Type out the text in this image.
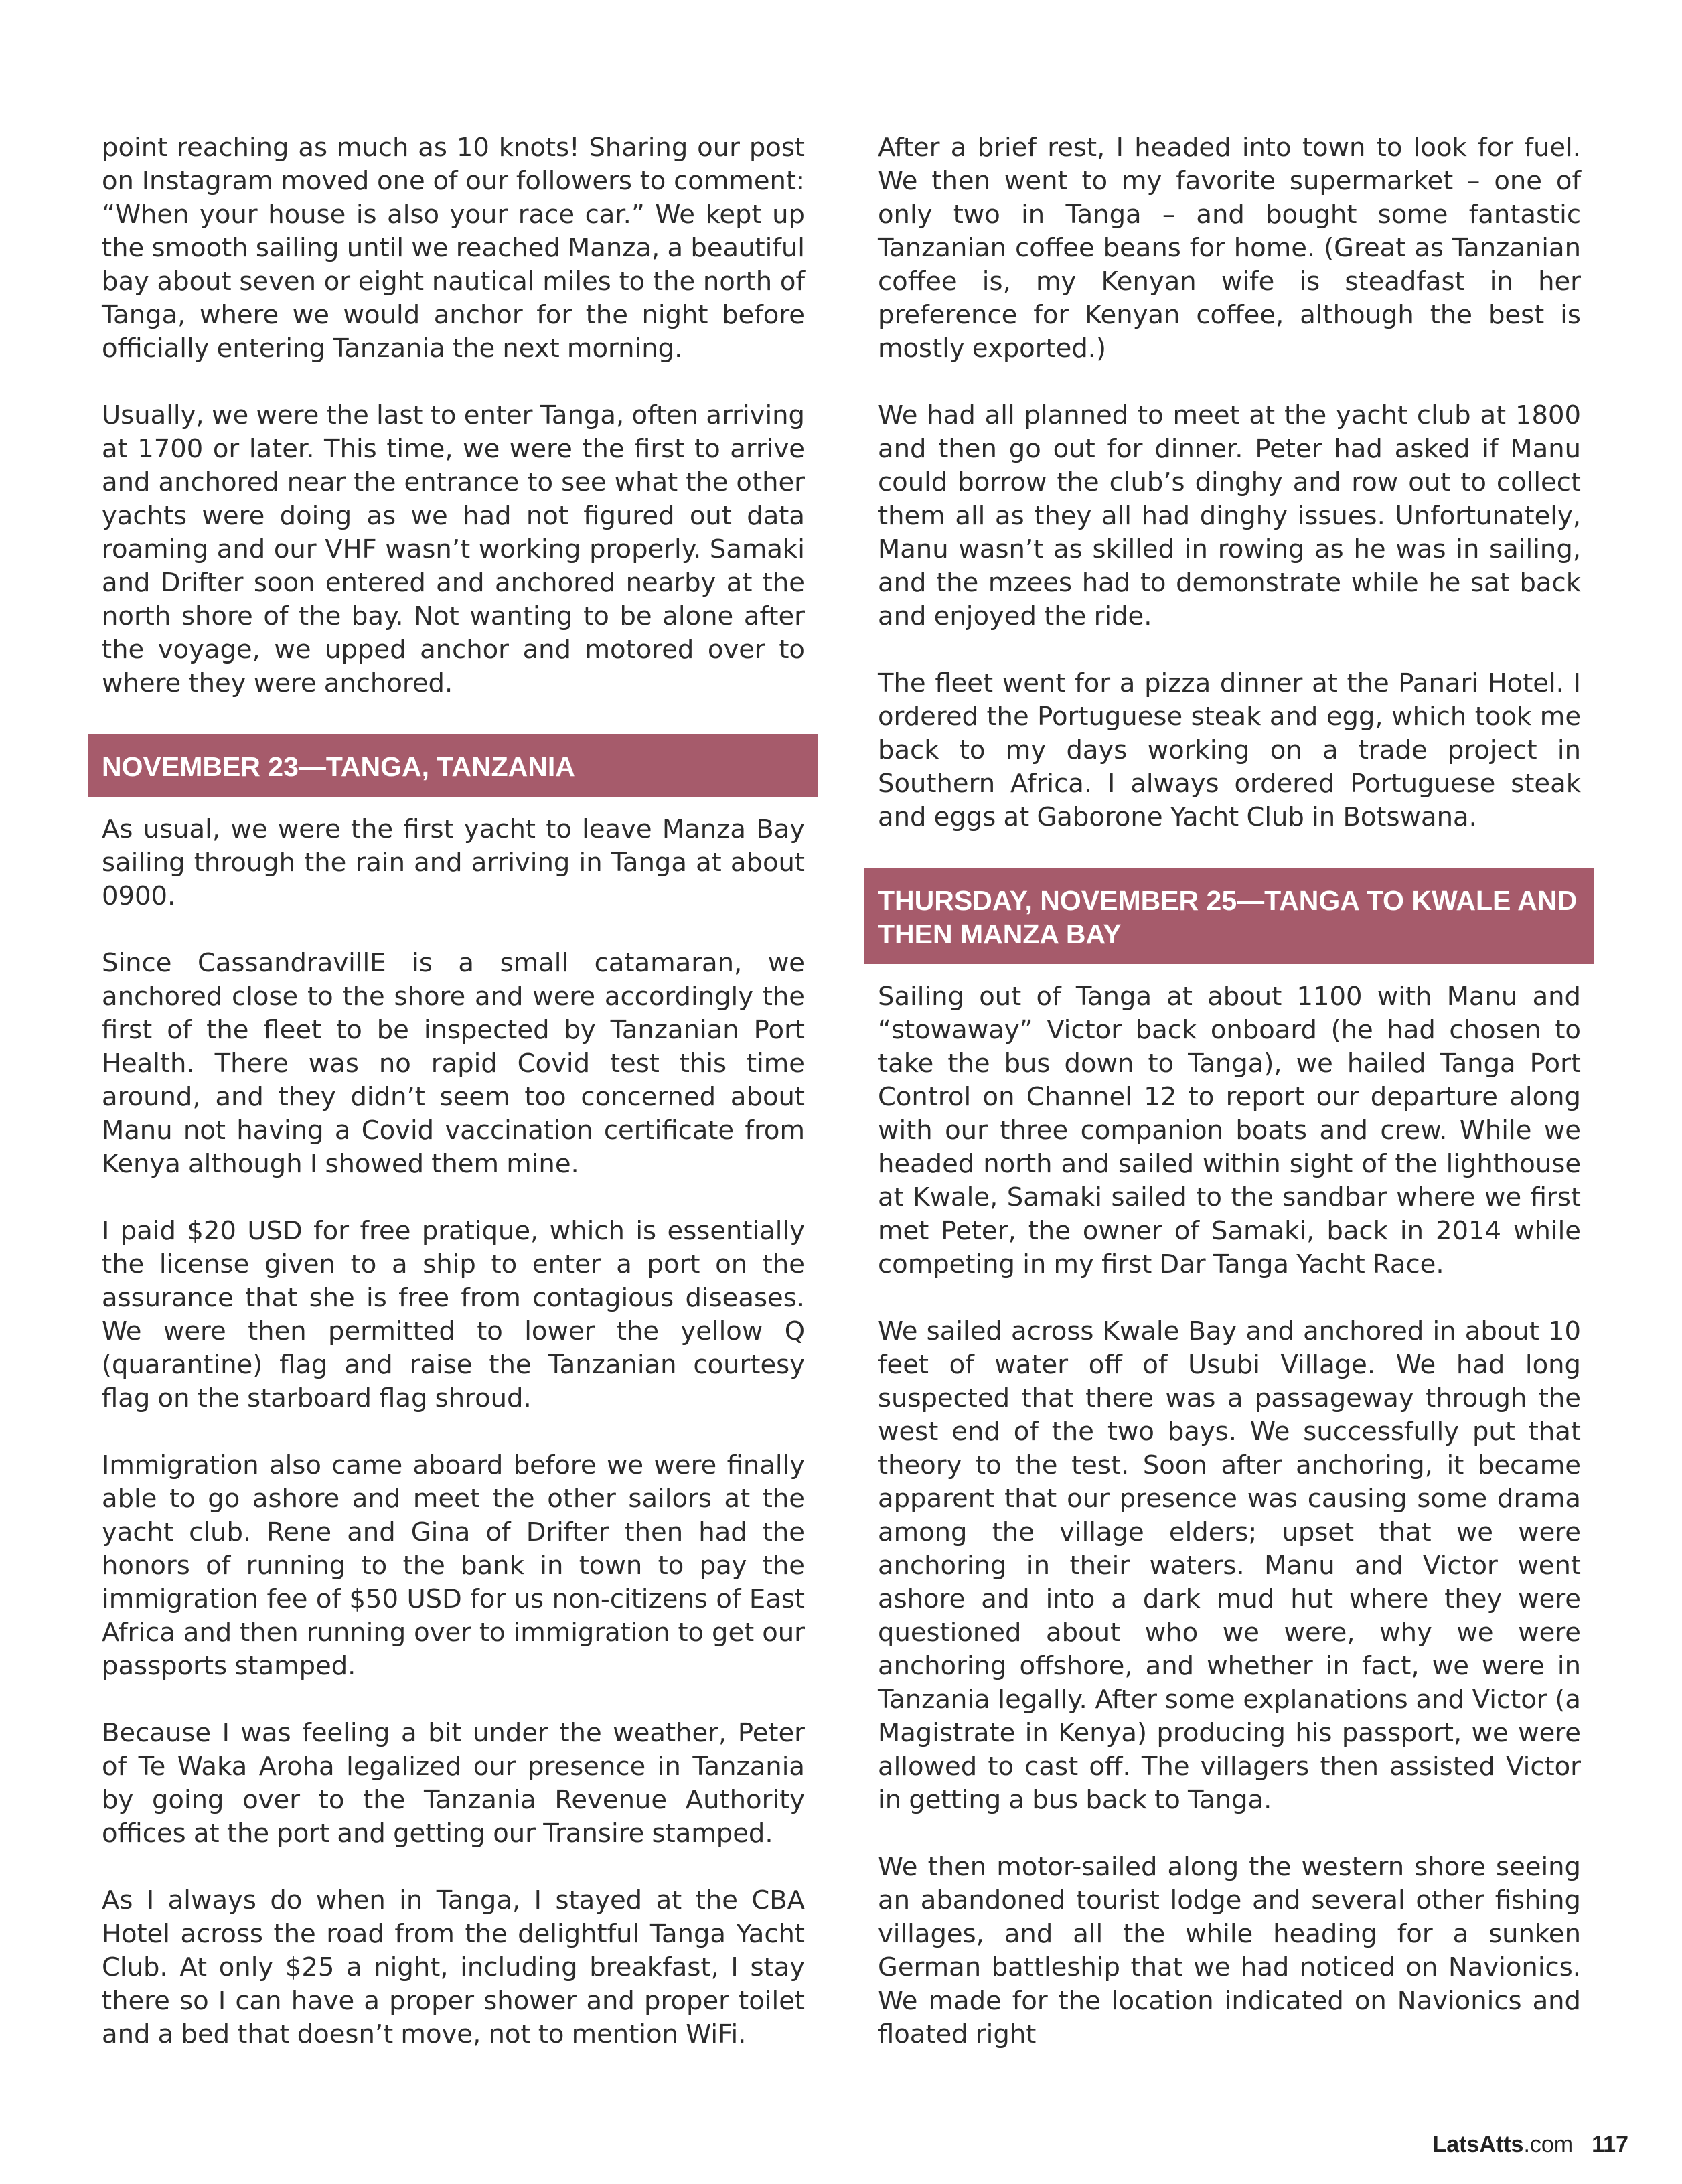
point reaching as much as 10 knots! Sharing our post on Instagram moved one of our followers to comment: “When your house is also your race car.” We kept up the smooth sailing until we reached Manza, a beautiful bay about seven or eight nautical miles to the north of Tanga, where we would anchor for the night before officially entering Tanzania the next morning.

Usually, we were the last to enter Tanga, often arriving at 1700 or later. This time, we were the first to arrive and anchored near the entrance to see what the other yachts were doing as we had not figured out data roaming and our VHF wasn’t working properly. Samaki and Drifter soon entered and anchored nearby at the north shore of the bay. Not wanting to be alone after the voyage, we upped anchor and motored over to where they were anchored.

NOVEMBER 23—TANGA, TANZANIA

As usual, we were the first yacht to leave Manza Bay sailing through the rain and arriving in Tanga at about 0900.

Since CassandravillE is a small catamaran, we anchored close to the shore and were accordingly the first of the fleet to be inspected by Tanzanian Port Health. There was no rapid Covid test this time around, and they didn’t seem too concerned about Manu not having a Covid vaccination certificate from Kenya although I showed them mine.

I paid $20 USD for free pratique, which is essentially the license given to a ship to enter a port on the assurance that she is free from contagious diseases. We were then permitted to lower the yellow Q (quarantine) flag and raise the Tanzanian courtesy flag on the starboard flag shroud.

Immigration also came aboard before we were finally able to go ashore and meet the other sailors at the yacht club. Rene and Gina of Drifter then had the honors of running to the bank in town to pay the immigration fee of $50 USD for us non-citizens of East Africa and then running over to immigration to get our passports stamped.

Because I was feeling a bit under the weather, Peter of Te Waka Aroha legalized our presence in Tanzania by going over to the Tanzania Revenue Authority offices at the port and getting our Transire stamped.

As I always do when in Tanga, I stayed at the CBA Hotel across the road from the delightful Tanga Yacht Club. At only $25 a night, including breakfast, I stay there so I can have a proper shower and proper toilet and a bed that doesn’t move, not to mention WiFi.

After a brief rest, I headed into town to look for fuel. We then went to my favorite supermarket – one of only two in Tanga – and bought some fantastic Tanzanian coffee beans for home. (Great as Tanzanian coffee is, my Kenyan wife is steadfast in her preference for Kenyan coffee, although the best is mostly exported.)

We had all planned to meet at the yacht club at 1800 and then go out for dinner. Peter had asked if Manu could borrow the club’s dinghy and row out to collect them all as they all had dinghy issues. Unfortunately, Manu wasn’t as skilled in rowing as he was in sailing, and the mzees had to demonstrate while he sat back and enjoyed the ride.

The fleet went for a pizza dinner at the Panari Hotel. I ordered the Portuguese steak and egg, which took me back to my days working on a trade project in Southern Africa. I always ordered Portuguese steak and eggs at Gaborone Yacht Club in Botswana.

THURSDAY, NOVEMBER 25—TANGA TO KWALE AND THEN MANZA BAY

Sailing out of Tanga at about 1100 with Manu and “stowaway” Victor back onboard (he had chosen to take the bus down to Tanga), we hailed Tanga Port Control on Channel 12 to report our departure along with our three companion boats and crew. While we headed north and sailed within sight of the lighthouse at Kwale, Samaki sailed to the sandbar where we first met Peter, the owner of Samaki, back in 2014 while competing in my first Dar Tanga Yacht Race.

We sailed across Kwale Bay and anchored in about 10 feet of water off of Usubi Village. We had long suspected that there was a passageway through the west end of the two bays. We successfully put that theory to the test. Soon after anchoring, it became apparent that our presence was causing some drama among the village elders; upset that we were anchoring in their waters. Manu and Victor went ashore and into a dark mud hut where they were questioned about who we were, why we were anchoring offshore, and whether in fact, we were in Tanzania legally. After some explanations and Victor (a Magistrate in Kenya) producing his passport, we were allowed to cast off. The villagers then assisted Victor in getting a bus back to Tanga.

We then motor-sailed along the western shore seeing an abandoned tourist lodge and several other fishing villages, and all the while heading for a sunken German battleship that we had noticed on Navionics. We made for the location indicated on Navionics and floated right

LatsAtts.com 117
